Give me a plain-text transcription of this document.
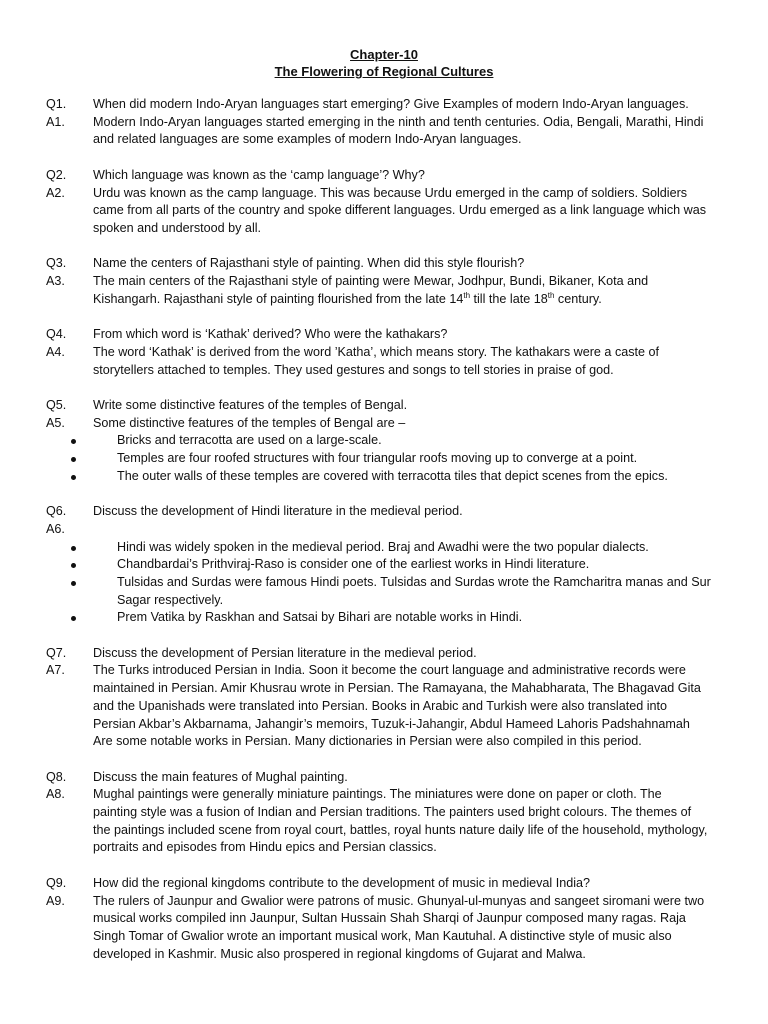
Chapter-10
The Flowering of Regional Cultures
Q1.	When did modern Indo-Aryan languages start emerging? Give Examples of modern Indo-Aryan languages.
A1.	Modern Indo-Aryan languages started emerging in the ninth and tenth centuries. Odia, Bengali, Marathi, Hindi and related languages are some examples of modern Indo-Aryan languages.
Q2.	Which language was known as the ‘camp language’? Why?
A2.	Urdu was known as the camp language. This was because Urdu emerged in the camp of soldiers. Soldiers came from all parts of the country and spoke different languages. Urdu emerged as a link language which was spoken and understood by all.
Q3.	Name the centers of Rajasthani style of painting. When did this style flourish?
A3.	The main centers of the Rajasthani style of painting were Mewar, Jodhpur, Bundi, Bikaner, Kota and Kishangarh. Rajasthani style of painting flourished from the late 14th till the late 18th century.
Q4.	From which word is ‘Kathak’ derived? Who were the kathakars?
A4.	The word ‘Kathak’ is derived from the word ’Katha’, which means story. The kathakars were a caste of storytellers attached to temples. They used gestures and songs to tell stories in praise of god.
Q5.	Write some distinctive features of the temples of Bengal.
A5.	Some distinctive features of the temples of Bengal are –
Bricks and terracotta are used on a large-scale.
Temples are four roofed structures with four triangular roofs moving up to converge at a point.
The outer walls of these temples are covered with terracotta tiles that depict scenes from the epics.
Q6.	Discuss the development of Hindi literature in the medieval period.
A6.
Hindi was widely spoken in the medieval period. Braj and Awadhi were the two popular dialects.
Chandbardai’s Prithviraj-Raso is consider one of the earliest works in Hindi literature.
Tulsidas and Surdas were famous Hindi poets. Tulsidas and Surdas wrote the Ramcharitra manas and Sur Sagar respectively.
Prem Vatika by Raskhan and Satsai by Bihari are notable works in Hindi.
Q7.	Discuss the development of Persian literature in the medieval period.
A7.	The Turks introduced Persian in India. Soon it become the court language and administrative records were maintained in Persian. Amir Khusrau wrote in Persian. The Ramayana, the Mahabharata, The Bhagavad Gita and the Upanishads were translated into Persian. Books in Arabic and Turkish were also translated into Persian Akbar’s Akbarnama, Jahangir’s memoirs, Tuzuk-i-Jahangir, Abdul Hameed Lahoris Padshahnamah Are some notable works in Persian. Many dictionaries in Persian were also compiled in this period.
Q8.	Discuss the main features of Mughal painting.
A8.	Mughal paintings were generally miniature paintings. The miniatures were done on paper or cloth. The painting style was a fusion of Indian and Persian traditions. The painters used bright colours. The themes of the paintings included scene from royal court, battles, royal hunts nature daily life of the household, mythology, portraits and episodes from Hindu epics and Persian classics.
Q9.	How did the regional kingdoms contribute to the development of music in medieval India?
A9.	The rulers of Jaunpur and Gwalior were patrons of music. Ghunyal-ul-munyas and sangeet siromani were two musical works compiled inn Jaunpur, Sultan Hussain Shah Sharqi of Jaunpur composed many ragas. Raja Singh Tomar of Gwalior wrote an important musical work, Man Kautuhal. A distinctive style of music also developed in Kashmir. Music also prospered in regional kingdoms of Gujarat and Malwa.
